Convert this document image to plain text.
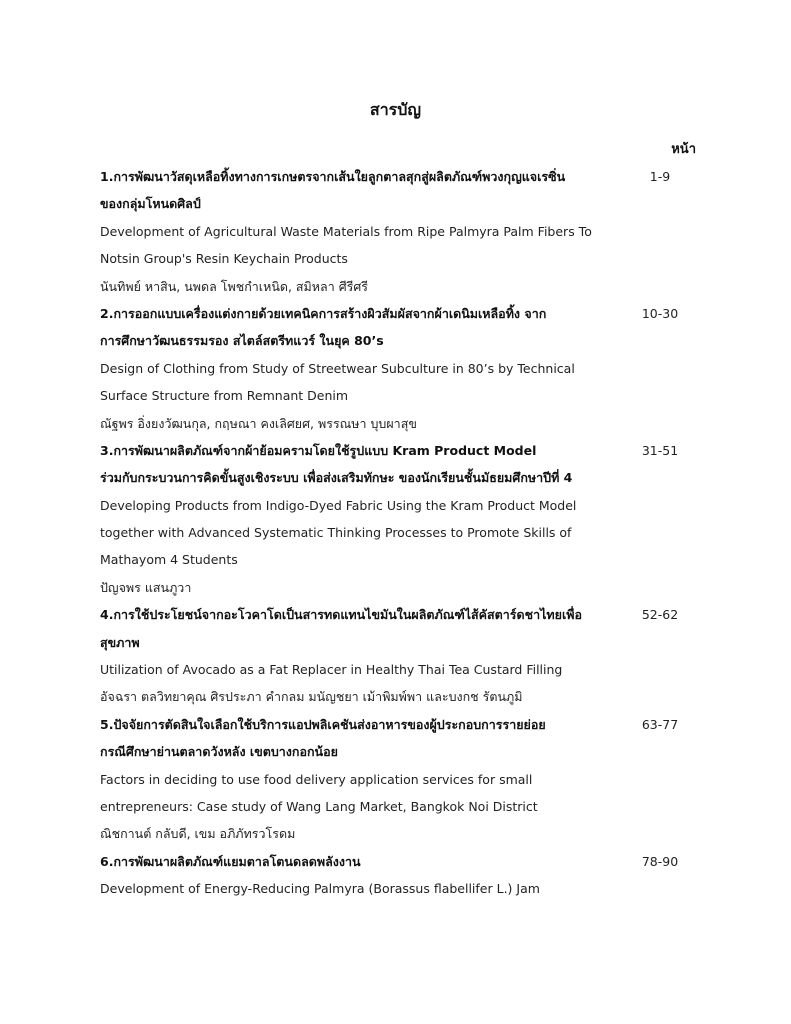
สารบัญ
หน้า
1.การพัฒนาวัสดุเหลือทิ้งทางการเกษตรจากเส้นใยลูกตาลสุกสู่ผลิตภัณฑ์พวงกุญแจเรซิ่น
ของกลุ่มโหนดศิลป์
Development of Agricultural Waste Materials from Ripe Palmyra Palm Fibers To
Notsin Group's Resin Keychain Products
นันทิพย์ หาสิน, นพดล โพชกำเหนิด, สมิหลา ศีรีศรี
1-9
2.การออกแบบเครื่องแต่งกายด้วยเทคนิคการสร้างผิวสัมผัสจากผ้าเดนิมเหลือทิ้ง จาก
การศึกษาวัฒนธรรมรอง สไตล์สตรีทแวร์ ในยุค 80’s
Design of Clothing from Study of Streetwear Subculture in 80’s by Technical
Surface Structure from Remnant Denim
ณัฐพร อิ่งยงวัฒนกุล, กฤษณา คงเลิศยศ, พรรณษา บุบผาสุข
10-30
3.การพัฒนาผลิตภัณฑ์จากผ้าย้อมครามโดยใช้รูปแบบ Kram Product Model
ร่วมกับกระบวนการคิดขั้นสูงเชิงระบบ เพื่อส่งเสริมทักษะ ของนักเรียนชั้นมัธยมศึกษาปีที่ 4
Developing Products from Indigo-Dyed Fabric Using the Kram Product Model
together with Advanced Systematic Thinking Processes to Promote Skills of
Mathayom 4 Students
ปัญจพร แสนภูวา
31-51
4.การใช้ประโยชน์จากอะโวคาโดเป็นสารทดแทนไขมันในผลิตภัณฑ์ไส้คัสตาร์ดชาไทยเพื่อ
สุขภาพ
Utilization of Avocado as a Fat Replacer in Healthy Thai Tea Custard Filling
อัจฉรา ตลวิทยาคุณ ศิรประภา คำกลม มนัญชยา เม้าพิมพ์พา และบงกช รัตนภูมิ
52-62
5.ปัจจัยการตัดสินใจเลือกใช้บริการแอปพลิเคชันส่งอาหารของผู้ประกอบการรายย่อย
กรณีศึกษาย่านตลาดวังหลัง เขตบางกอกน้อย
Factors in deciding to use food delivery application services for small
entrepreneurs: Case study of Wang Lang Market, Bangkok Noi District
ณิชกานต์ กลับดี, เขม อภิภัทรวโรดม
63-77
6.การพัฒนาผลิตภัณฑ์แยมตาลโตนดลดพลังงาน
Development of Energy-Reducing Palmyra (Borassus flabellifer L.) Jam
78-90
